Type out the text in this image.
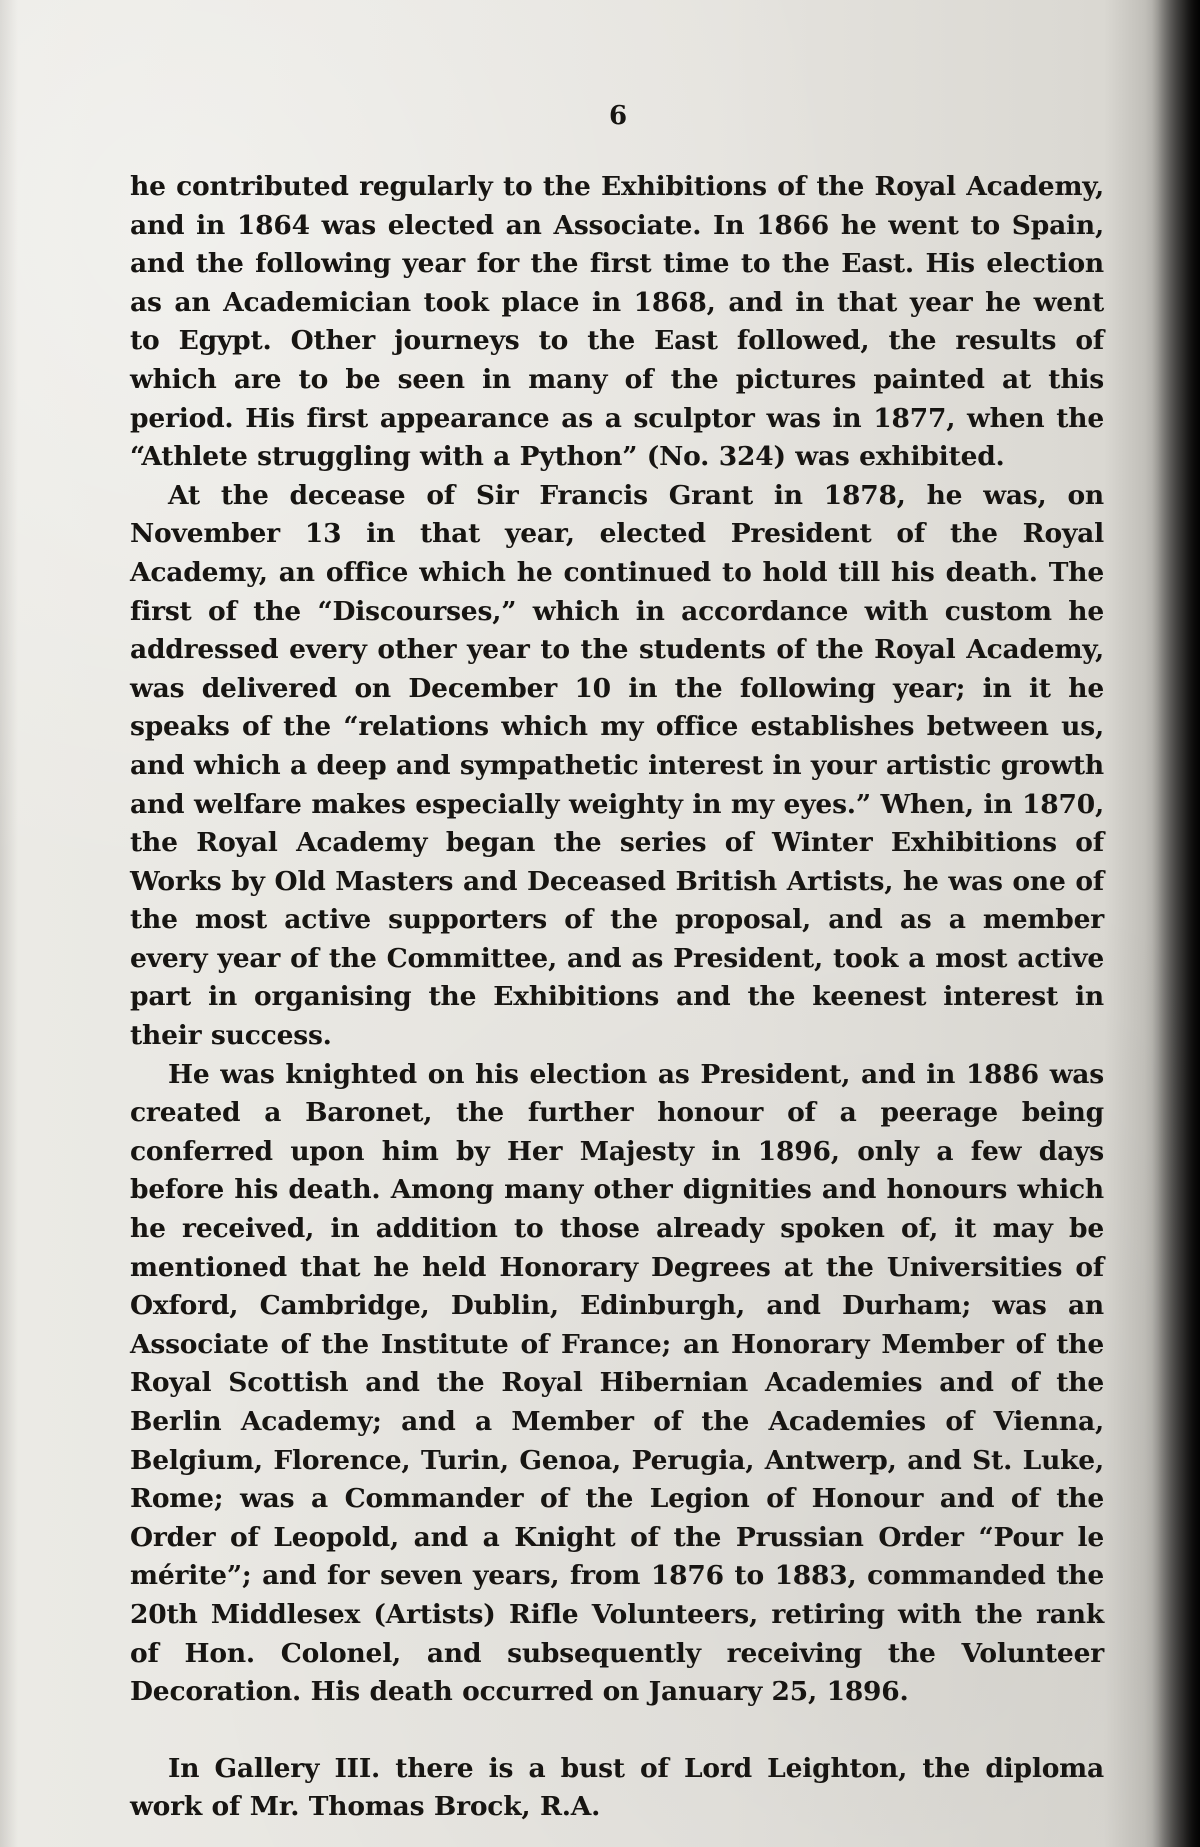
6

he contributed regularly to the Exhibitions of the Royal Academy, and in 1864 was elected an Associate. In 1866 he went to Spain, and the following year for the first time to the East. His election as an Academician took place in 1868, and in that year he went to Egypt. Other journeys to the East followed, the results of which are to be seen in many of the pictures painted at this period. His first appearance as a sculptor was in 1877, when the “Athlete struggling with a Python” (No. 324) was exhibited.

At the decease of Sir Francis Grant in 1878, he was, on November 13 in that year, elected President of the Royal Academy, an office which he continued to hold till his death. The first of the “Discourses,” which in accordance with custom he addressed every other year to the students of the Royal Academy, was delivered on December 10 in the following year; in it he speaks of the “relations which my office establishes between us, and which a deep and sympathetic interest in your artistic growth and welfare makes especially weighty in my eyes.” When, in 1870, the Royal Academy began the series of Winter Exhibitions of Works by Old Masters and Deceased British Artists, he was one of the most active supporters of the proposal, and as a member every year of the Committee, and as President, took a most active part in organising the Exhibitions and the keenest interest in their success.

He was knighted on his election as President, and in 1886 was created a Baronet, the further honour of a peerage being conferred upon him by Her Majesty in 1896, only a few days before his death. Among many other dignities and honours which he received, in addition to those already spoken of, it may be mentioned that he held Honorary Degrees at the Universities of Oxford, Cambridge, Dublin, Edinburgh, and Durham; was an Associate of the Institute of France; an Honorary Member of the Royal Scottish and the Royal Hibernian Academies and of the Berlin Academy; and a Member of the Academies of Vienna, Belgium, Florence, Turin, Genoa, Perugia, Antwerp, and St. Luke, Rome; was a Commander of the Legion of Honour and of the Order of Leopold, and a Knight of the Prussian Order “Pour le mérite”; and for seven years, from 1876 to 1883, commanded the 20th Middlesex (Artists) Rifle Volunteers, retiring with the rank of Hon. Colonel, and subsequently receiving the Volunteer Decoration. His death occurred on January 25, 1896.

In Gallery III. there is a bust of Lord Leighton, the diploma work of Mr. Thomas Brock, R.A.
